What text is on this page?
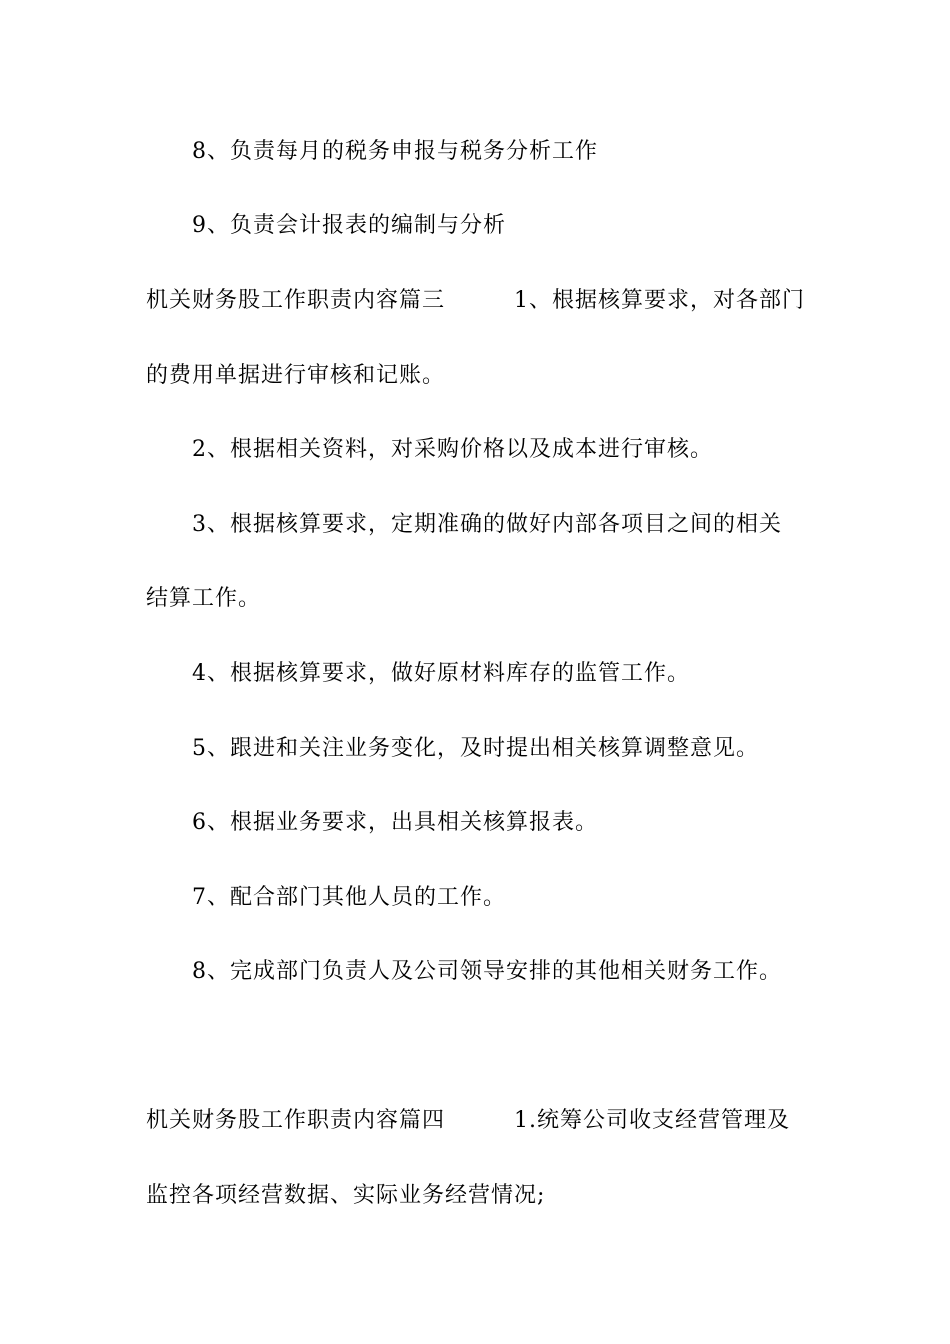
8、负责每月的税务申报与税务分析工作
9、负责会计报表的编制与分析
机关财务股工作职责内容篇三　　　1、根据核算要求，对各部门
的费用单据进行审核和记账。
2、根据相关资料，对采购价格以及成本进行审核。
3、根据核算要求，定期准确的做好内部各项目之间的相关
结算工作。
4、根据核算要求，做好原材料库存的监管工作。
5、跟进和关注业务变化，及时提出相关核算调整意见。
6、根据业务要求，出具相关核算报表。
7、配合部门其他人员的工作。
8、完成部门负责人及公司领导安排的其他相关财务工作。
机关财务股工作职责内容篇四　　　1.统筹公司收支经营管理及
监控各项经营数据、实际业务经营情况;
